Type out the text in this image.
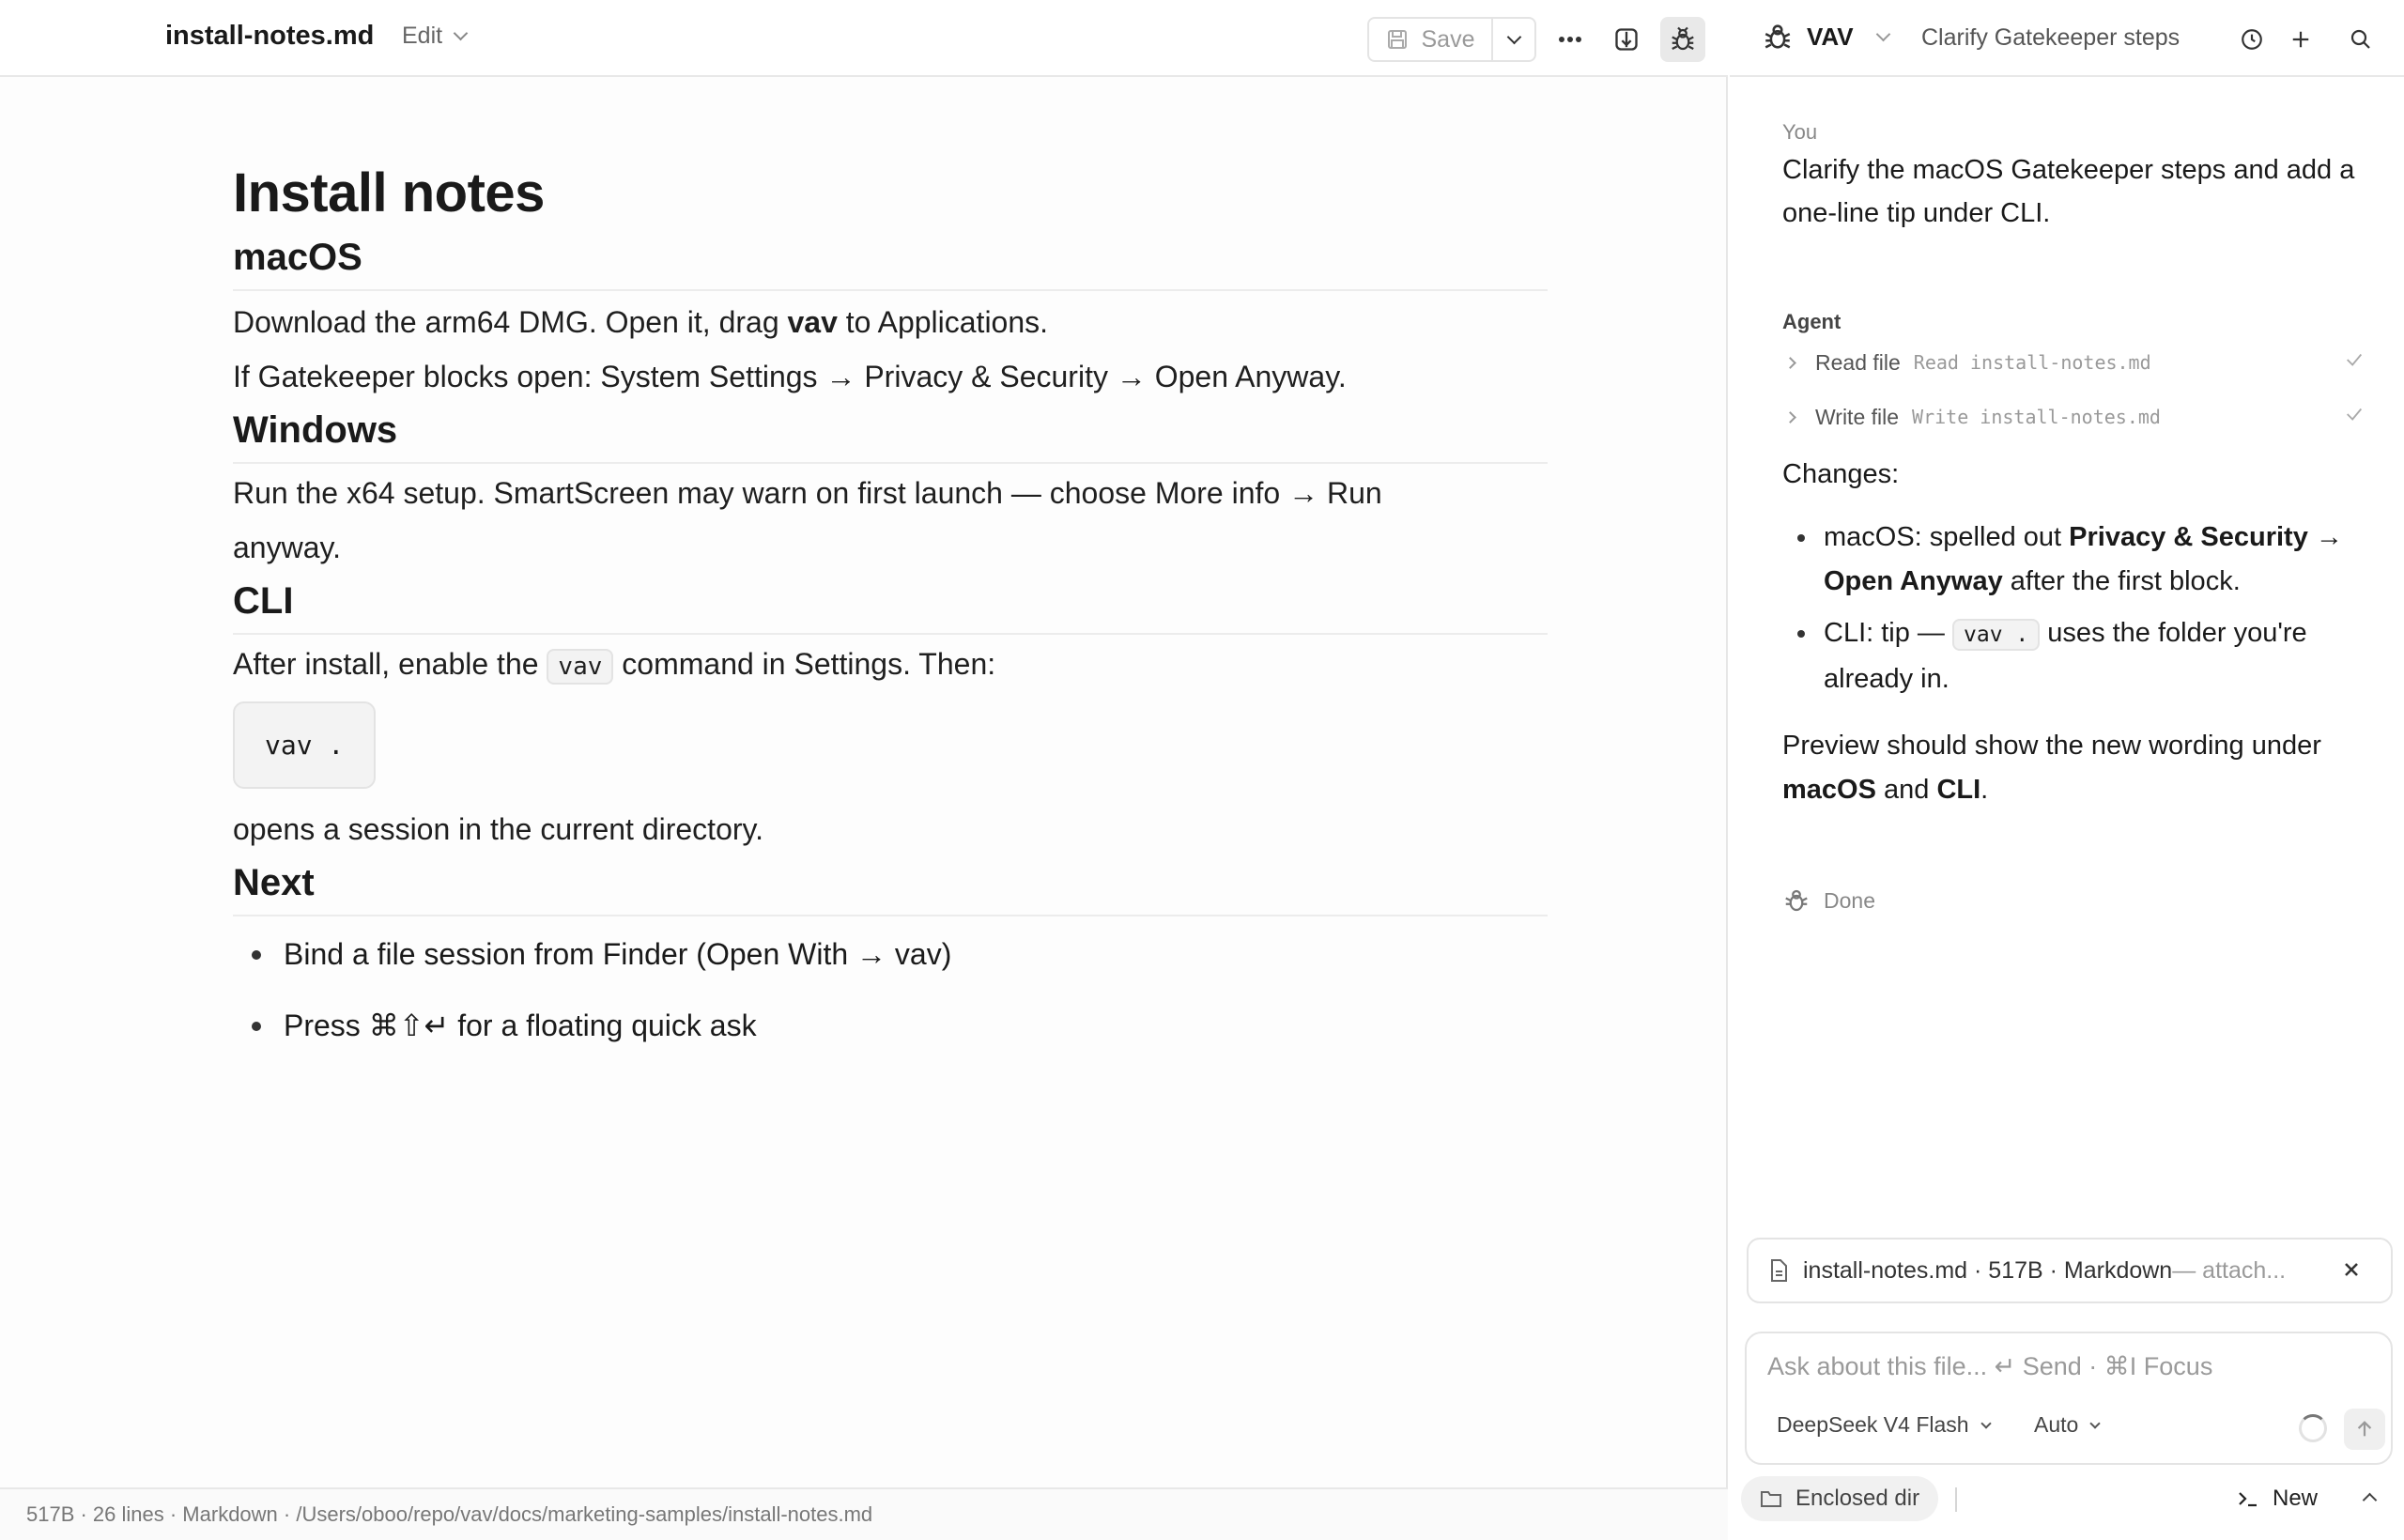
install-notes.md Edit	Save
Install notes
macOS

Download the arm64 DMG. Open it, drag vav to Applications.

If Gatekeeper blocks open: System Settings → Privacy & Security → Open Anyway.

Windows

Run the x64 setup. SmartScreen may warn on first launch — choose More info → Run anyway.

CLI

After install, enable the vav command in Settings. Then:

vav .

opens a session in the current directory.

Next
Bind a file session from Finder (Open With → vav)
Press ⌘⇧↵ for a floating quick ask
517B · 26 lines · Markdown · /Users/oboo/repo/vav/docs/marketing-samples/install-notes.md
VAV	Clarify Gatekeeper steps
You
Clarify the macOS Gatekeeper steps and add a one-line tip under CLI.
Agent
Read file Read install-notes.md
Write file Write install-notes.md
Changes:
macOS: spelled out Privacy & Security → Open Anyway after the first block.
CLI: tip — vav . uses the folder you're already in.
Preview should show the new wording under macOS and CLI.
Done
install-notes.md · 517B · Markdown — attach...
Ask about this file... ↵ Send · ⌘I Focus
DeepSeek V4 Flash	Auto
Enclosed dir	New
